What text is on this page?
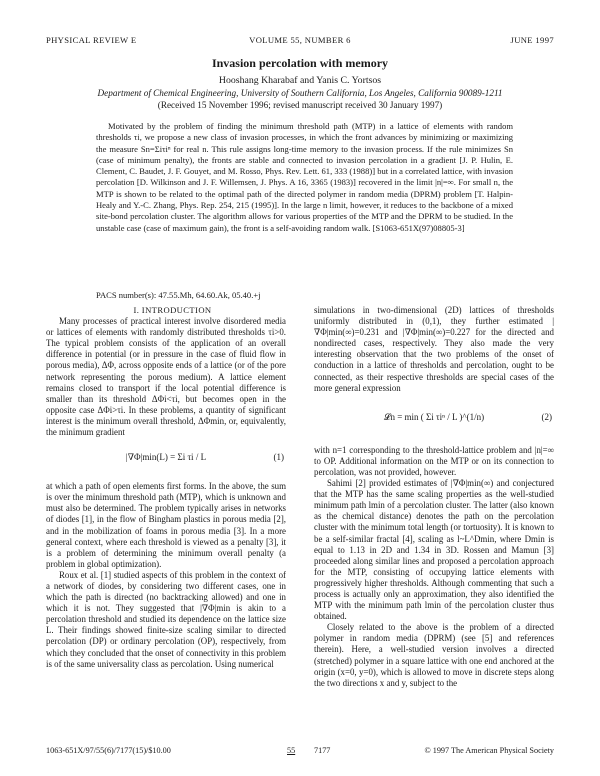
PHYSICAL REVIEW E	VOLUME 55, NUMBER 6	JUNE 1997
Invasion percolation with memory
Hooshang Kharabaf and Yanis C. Yortsos
Department of Chemical Engineering, University of Southern California, Los Angeles, California 90089-1211
(Received 15 November 1996; revised manuscript received 30 January 1997)

Motivated by the problem of finding the minimum threshold path (MTP) in a lattice of elements with random thresholds τi, we propose a new class of invasion processes, in which the front advances by minimizing or maximizing the measure Sn=Σiτiⁿ for real n. This rule assigns long-time memory to the invasion process. If the rule minimizes Sn (case of minimum penalty), the fronts are stable and connected to invasion percolation in a gradient [J. P. Hulin, E. Clement, C. Baudet, J. F. Gouyet, and M. Rosso, Phys. Rev. Lett. 61, 333 (1988)] but in a correlated lattice, with invasion percolation [D. Wilkinson and J. F. Willemsen, J. Phys. A 16, 3365 (1983)] recovered in the limit |n|=∞. For small n, the MTP is shown to be related to the optimal path of the directed polymer in random media (DPRM) problem [T. Halpin-Healy and Y.-C. Zhang, Phys. Rep. 254, 215 (1995)]. In the large n limit, however, it reduces to the backbone of a mixed site-bond percolation cluster. The algorithm allows for various properties of the MTP and the DPRM to be studied. In the unstable case (case of maximum gain), the front is a self-avoiding random walk. [S1063-651X(97)08805-3]

PACS number(s): 47.55.Mh, 64.60.Ak, 05.40.+j

I. INTRODUCTION

Many processes of practical interest involve disordered media or lattices of elements with randomly distributed thresholds τi>0. The typical problem consists of the application of an overall difference in potential (or in pressure in the case of fluid flow in porous media), ΔΦ, across opposite ends of a lattice (or of the pore network representing the porous medium). A lattice element remains closed to transport if the local potential difference is smaller than its threshold ΔΦi<τi, but becomes open in the opposite case ΔΦi>τi. In these problems, a quantity of significant interest is the minimum overall threshold, ΔΦmin, or, equivalently, the minimum gradient

|∇Φ|min(L) = Σi τi / L	(1)

at which a path of open elements first forms. In the above, the sum is over the minimum threshold path (MTP), which is unknown and must also be determined. The problem typically arises in networks of diodes [1], in the flow of Bingham plastics in porous media [2], and in the mobilization of foams in porous media [3]. In a more general context, where each threshold is viewed as a penalty [3], it is a problem of determining the minimum overall penalty (a problem in global optimization).

Roux et al. [1] studied aspects of this problem in the context of a network of diodes, by considering two different cases, one in which the path is directed (no backtracking allowed) and one in which it is not. They suggested that |∇Φ|min is akin to a percolation threshold and studied its dependence on the lattice size L. Their findings showed finite-size scaling similar to directed percolation (DP) or ordinary percolation (OP), respectively, from which they concluded that the onset of connectivity in this problem is of the same universality class as percolation. Using numerical

simulations in two-dimensional (2D) lattices of thresholds uniformly distributed in (0,1), they further estimated |∇Φ|min(∞)=0.231 and |∇Φ|min(∞)=0.227 for the directed and nondirected cases, respectively. They also made the very interesting observation that the two problems of the onset of conduction in a lattice of thresholds and percolation, ought to be connected, as their respective thresholds are special cases of the more general expression

𝓛n = min ( Σi τiⁿ / L )^(1/n)	(2)

with n=1 corresponding to the threshold-lattice problem and |n|=∞ to OP. Additional information on the MTP or on its connection to percolation, was not provided, however.

Sahimi [2] provided estimates of |∇Φ|min(∞) and conjectured that the MTP has the same scaling properties as the well-studied minimum path lmin of a percolation cluster. The latter (also known as the chemical distance) denotes the path on the percolation cluster with the minimum total length (or tortuosity). It is known to be a self-similar fractal [4], scaling as l~L^Dmin, where Dmin is equal to 1.13 in 2D and 1.34 in 3D. Rossen and Mamun [3] proceeded along similar lines and proposed a percolation approach for the MTP, consisting of occupying lattice elements with progressively higher thresholds. Although commenting that such a process is actually only an approximation, they also identified the MTP with the minimum path lmin of the percolation cluster thus obtained.

Closely related to the above is the problem of a directed polymer in random media (DPRM) (see [5] and references therein). Here, a well-studied version involves a directed (stretched) polymer in a square lattice with one end anchored at the origin (x=0, y=0), which is allowed to move in discrete steps along the two directions x and y, subject to the

1063-651X/97/55(6)/7177(15)/$10.00	55 7177	© 1997 The American Physical Society
